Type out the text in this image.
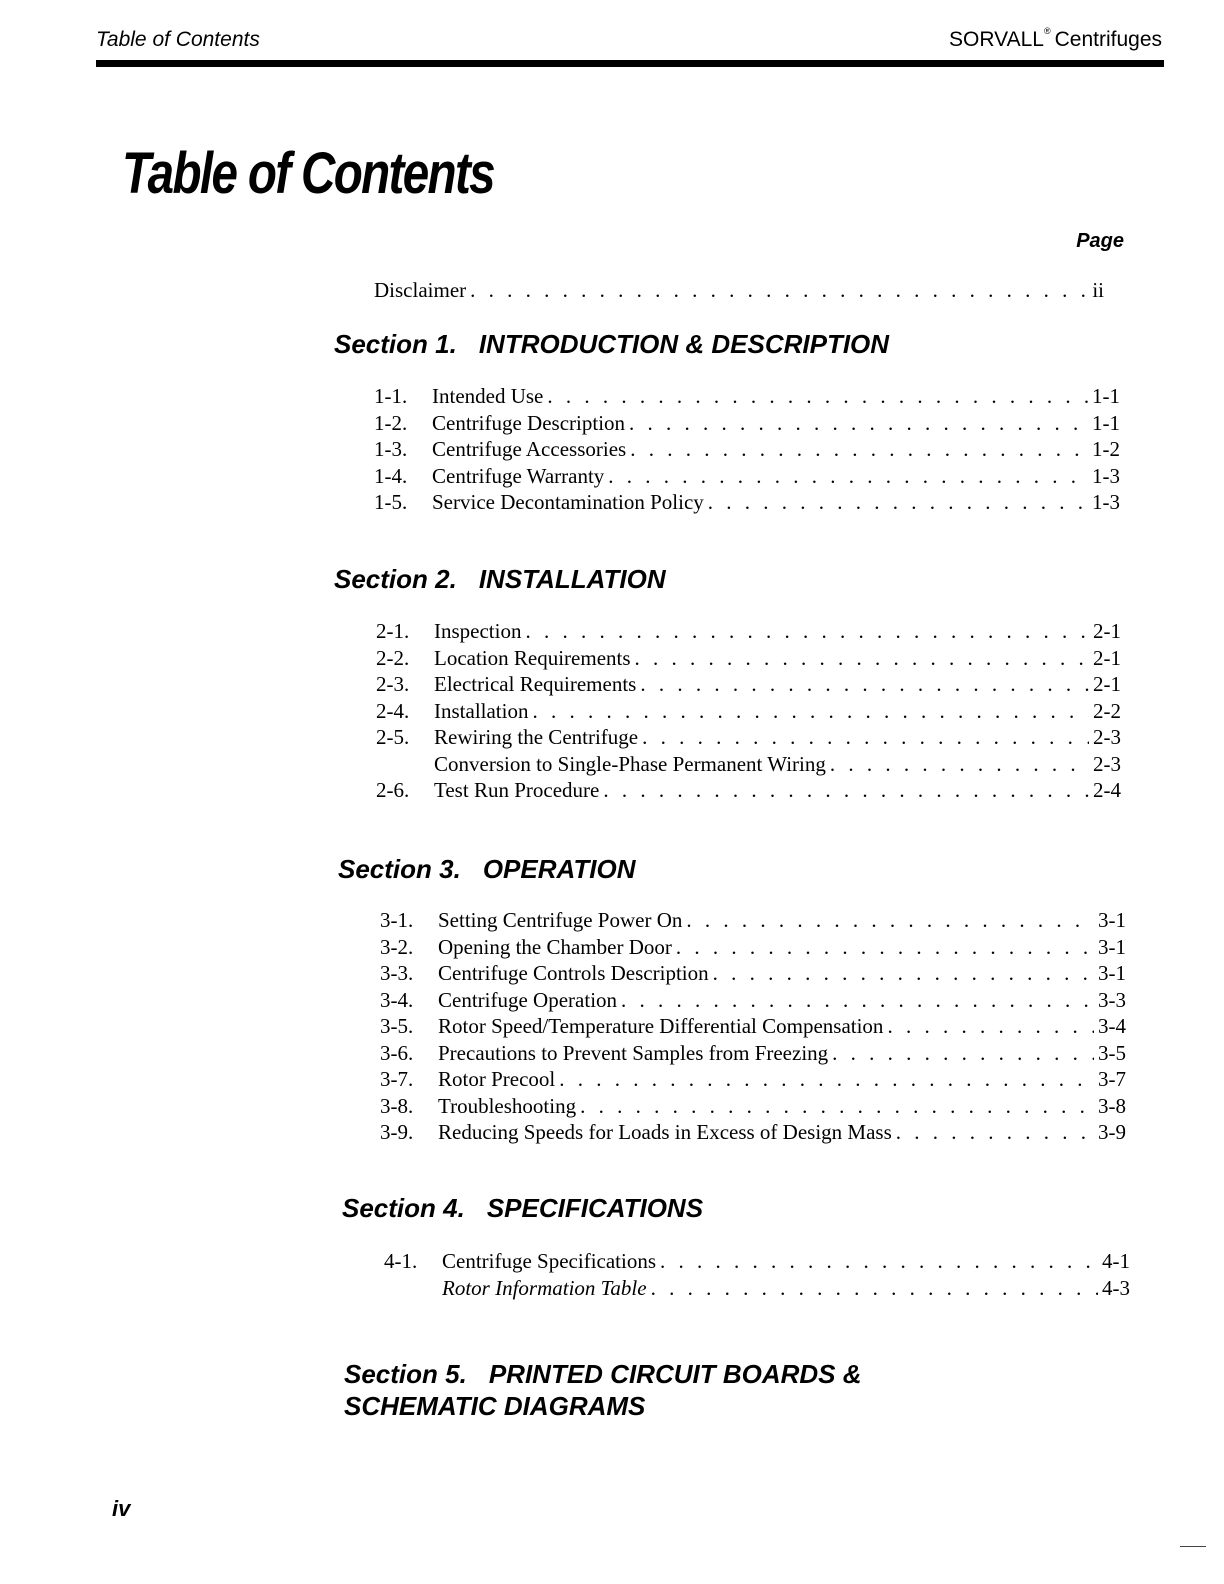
Table of Contents	SORVALL® Centrifuges
Table of Contents
Page
Disclaimer . . .	ii
Section 1. INTRODUCTION & DESCRIPTION
1-1.	Intended Use . . .	1-1
1-2.	Centrifuge Description . . .	1-1
1-3.	Centrifuge Accessories . . .	1-2
1-4.	Centrifuge Warranty . . .	1-3
1-5.	Service Decontamination Policy . . .	1-3
Section 2. INSTALLATION
2-1.	Inspection . . .	2-1
2-2.	Location Requirements . . .	2-1
2-3.	Electrical Requirements . . .	2-1
2-4.	Installation . . .	2-2
2-5.	Rewiring the Centrifuge . . .	2-3
Conversion to Single-Phase Permanent Wiring . . .	2-3
2-6.	Test Run Procedure . . .	2-4
Section 3. OPERATION
3-1.	Setting Centrifuge Power On . . .	3-1
3-2.	Opening the Chamber Door . . .	3-1
3-3.	Centrifuge Controls Description . . .	3-1
3-4.	Centrifuge Operation . . .	3-3
3-5.	Rotor Speed/Temperature Differential Compensation . . .	3-4
3-6.	Precautions to Prevent Samples from Freezing . . .	3-5
3-7.	Rotor Precool . . .	3-7
3-8.	Troubleshooting . . .	3-8
3-9.	Reducing Speeds for Loads in Excess of Design Mass . . .	3-9
Section 4. SPECIFICATIONS
4-1.	Centrifuge Specifications . . .	4-1
Rotor Information Table . . .	4-3
Section 5. PRINTED CIRCUIT BOARDS &
SCHEMATIC DIAGRAMS
iv
